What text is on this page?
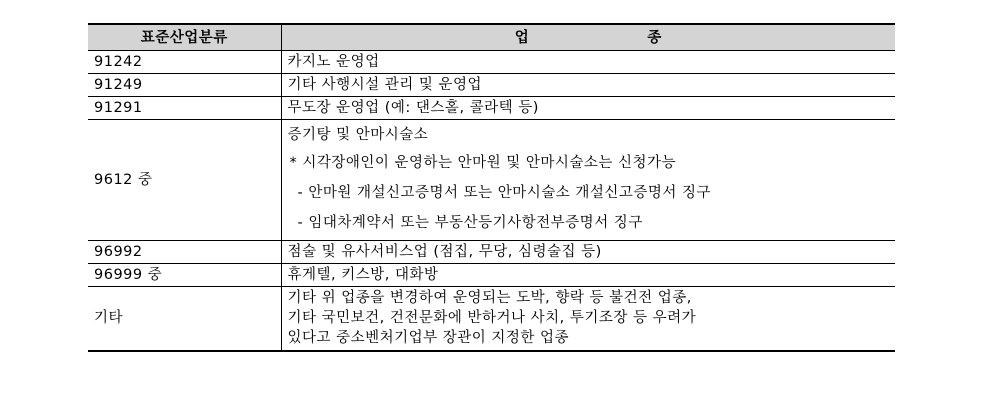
표준산업분류	업 종
91242	카지노 운영업
91249	기타 사행시설 관리 및 운영업
91291	무도장 운영업 (예: 댄스홀, 콜라텍 등)
9612 중	증기탕 및 안마시술소
* 시각장애인이 운영하는 안마원 및 안마시술소는 신청가능
- 안마원 개설신고증명서 또는 안마시술소 개설신고증명서 징구
- 임대차계약서 또는 부동산등기사항전부증명서 징구

96992	점술 및 유사서비스업 (점집, 무당, 심령술집 등)
96999 중	휴게텔, 키스방, 대화방
기타	기타 위 업종을 변경하여 운영되는 도박, 향락 등 불건전 업종,
기타 국민보건, 건전문화에 반하거나 사치, 투기조장 등 우려가
있다고 중소벤처기업부 장관이 지정한 업종
